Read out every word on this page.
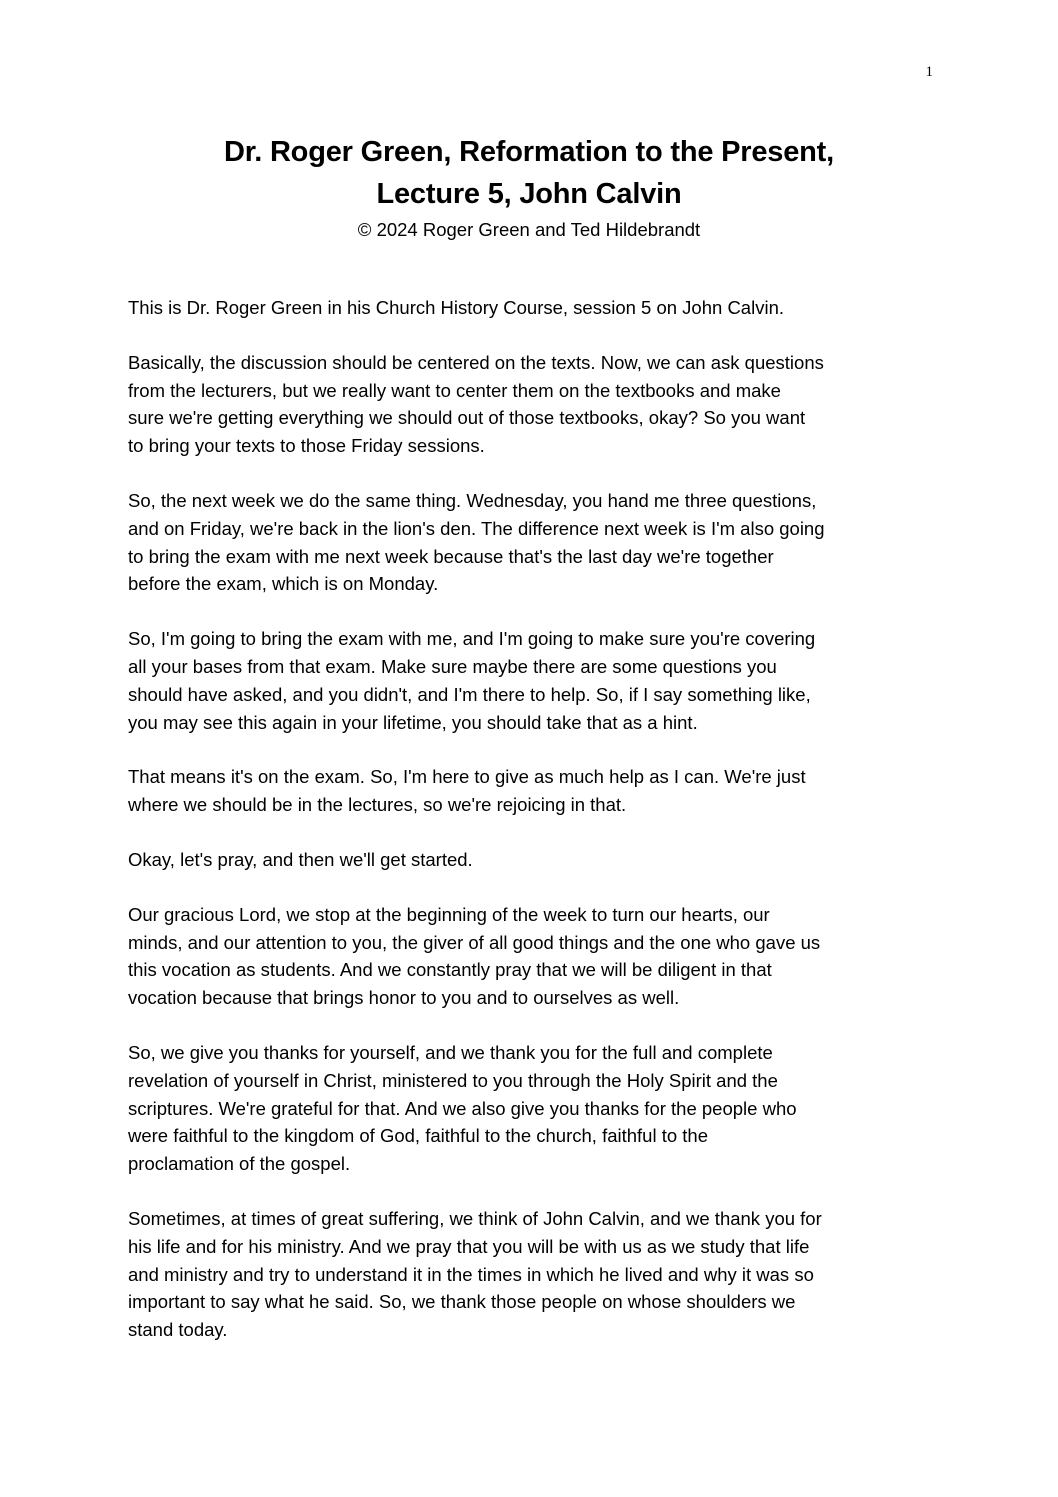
1
Dr. Roger Green, Reformation to the Present,
Lecture 5, John Calvin
© 2024 Roger Green and Ted Hildebrandt

This is Dr. Roger Green in his Church History Course, session 5 on John Calvin.

Basically, the discussion should be centered on the texts. Now, we can ask questions
from the lecturers, but we really want to center them on the textbooks and make
sure we're getting everything we should out of those textbooks, okay? So you want
to bring your texts to those Friday sessions.

So, the next week we do the same thing. Wednesday, you hand me three questions,
and on Friday, we're back in the lion's den. The difference next week is I'm also going
to bring the exam with me next week because that's the last day we're together
before the exam, which is on Monday.

So, I'm going to bring the exam with me, and I'm going to make sure you're covering
all your bases from that exam. Make sure maybe there are some questions you
should have asked, and you didn't, and I'm there to help. So, if I say something like,
you may see this again in your lifetime, you should take that as a hint.

That means it's on the exam. So, I'm here to give as much help as I can. We're just
where we should be in the lectures, so we're rejoicing in that.

Okay, let's pray, and then we'll get started.

Our gracious Lord, we stop at the beginning of the week to turn our hearts, our
minds, and our attention to you, the giver of all good things and the one who gave us
this vocation as students. And we constantly pray that we will be diligent in that
vocation because that brings honor to you and to ourselves as well.

So, we give you thanks for yourself, and we thank you for the full and complete
revelation of yourself in Christ, ministered to you through the Holy Spirit and the
scriptures. We're grateful for that. And we also give you thanks for the people who
were faithful to the kingdom of God, faithful to the church, faithful to the
proclamation of the gospel.

Sometimes, at times of great suffering, we think of John Calvin, and we thank you for
his life and for his ministry. And we pray that you will be with us as we study that life
and ministry and try to understand it in the times in which he lived and why it was so
important to say what he said. So, we thank those people on whose shoulders we
stand today.
